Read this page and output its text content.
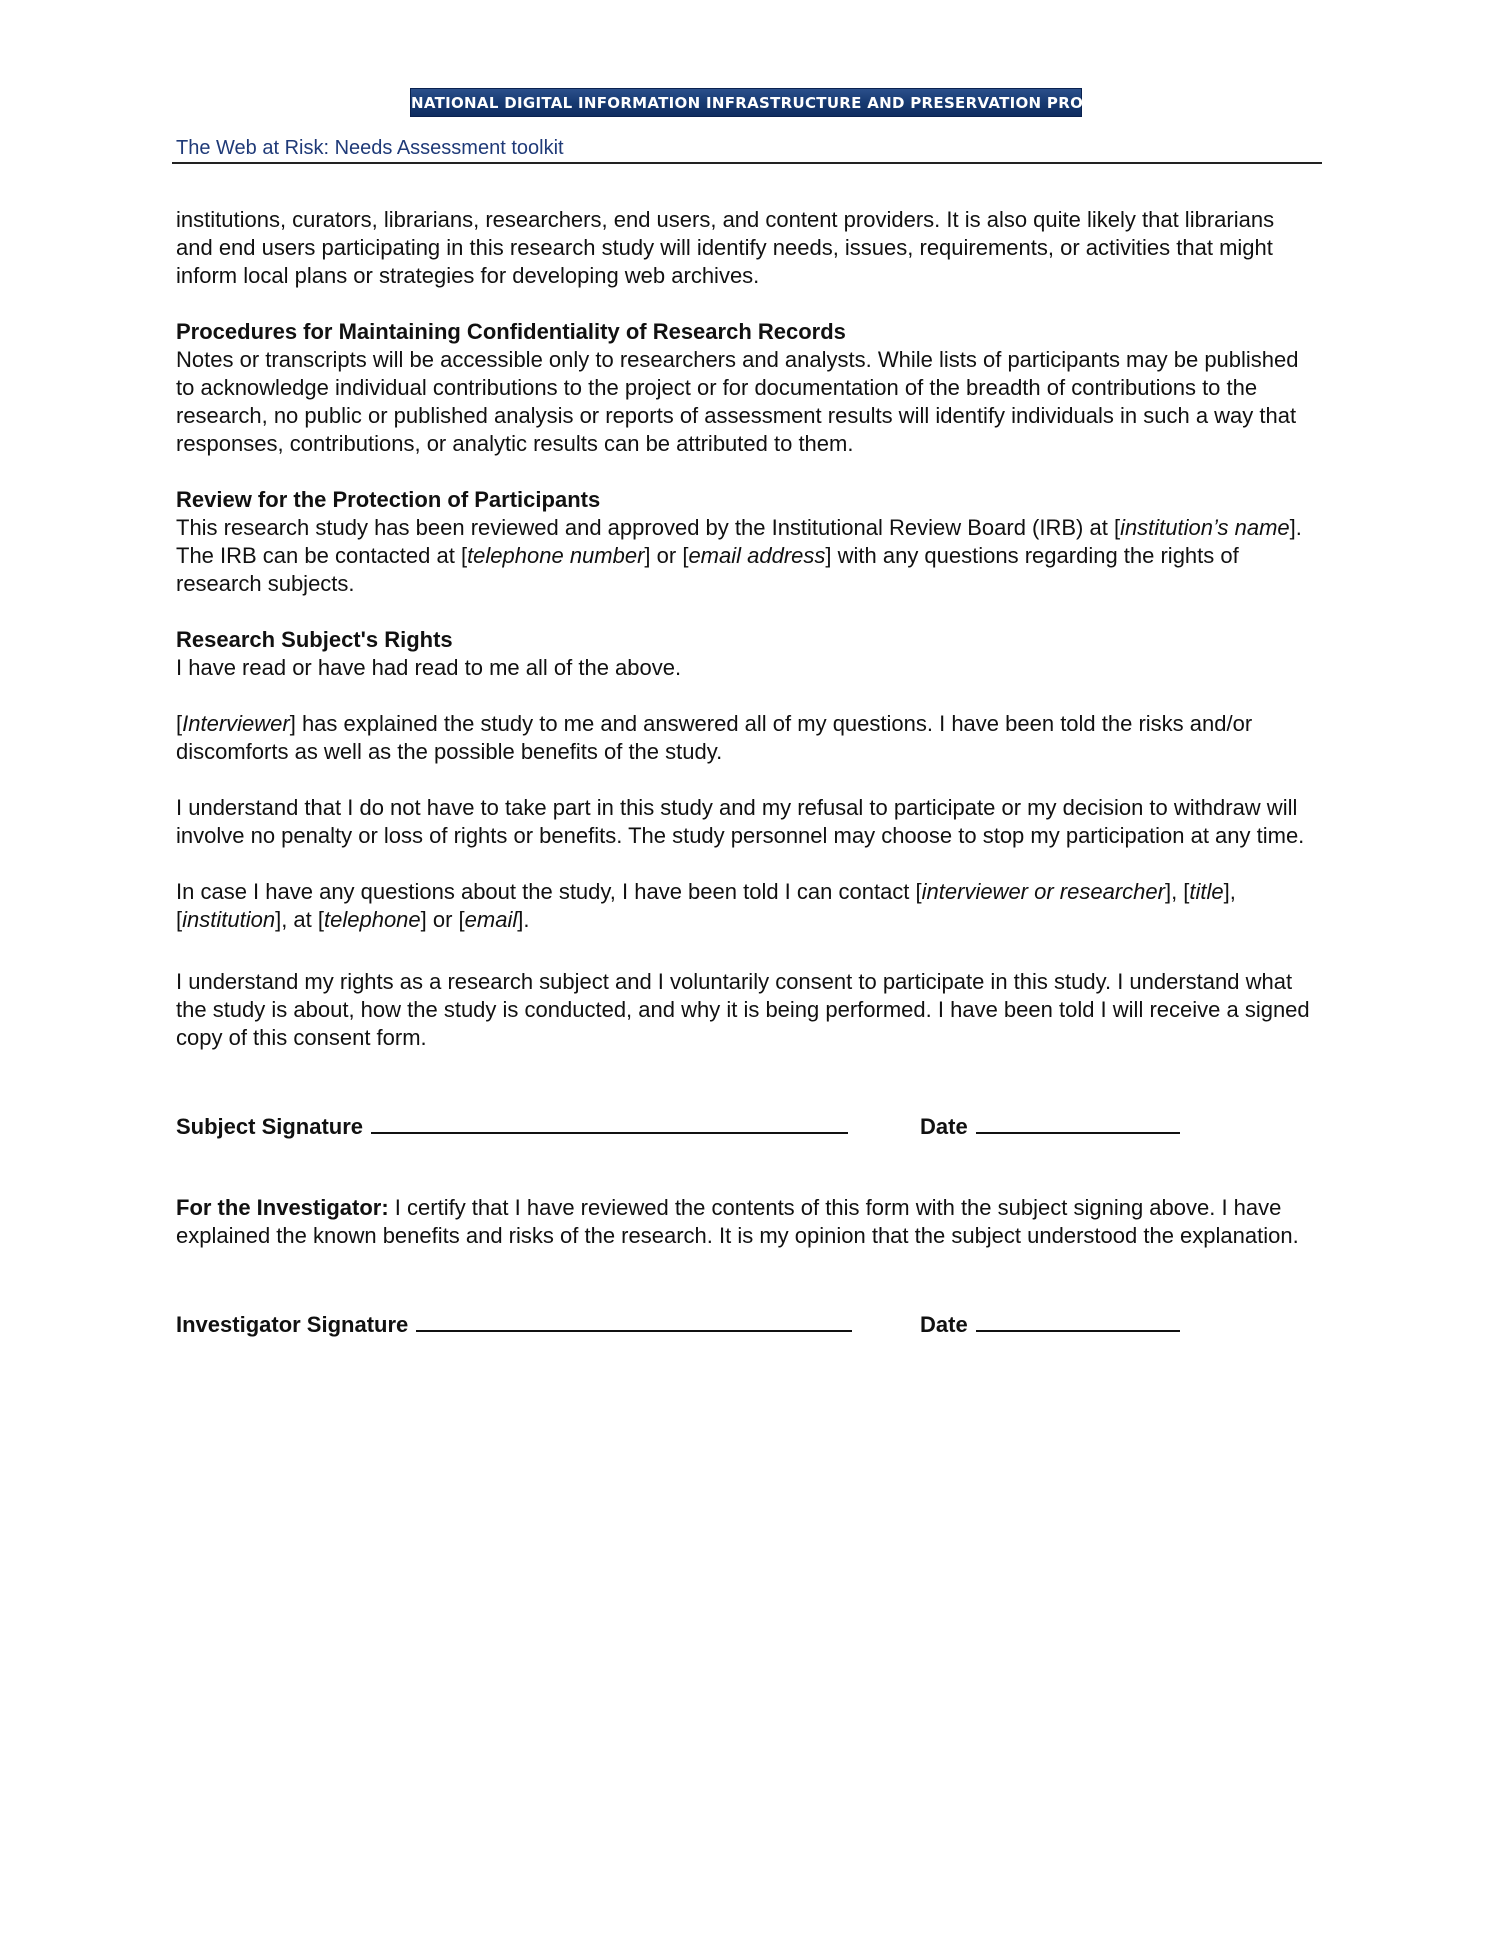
NATIONAL DIGITAL INFORMATION INFRASTRUCTURE AND PRESERVATION PROGRAM
The Web at Risk: Needs Assessment toolkit

institutions, curators, librarians, researchers, end users, and content providers. It is also quite likely that librarians and end users participating in this research study will identify needs, issues, requirements, or activities that might inform local plans or strategies for developing web archives.

Procedures for Maintaining Confidentiality of Research Records

Notes or transcripts will be accessible only to researchers and analysts. While lists of participants may be published to acknowledge individual contributions to the project or for documentation of the breadth of contributions to the research, no public or published analysis or reports of assessment results will identify individuals in such a way that responses, contributions, or analytic results can be attributed to them.

Review for the Protection of Participants

This research study has been reviewed and approved by the Institutional Review Board (IRB) at [institution’s name]. The IRB can be contacted at [telephone number] or [email address] with any questions regarding the rights of research subjects.

Research Subject's Rights

I have read or have had read to me all of the above.

[Interviewer] has explained the study to me and answered all of my questions. I have been told the risks and/or discomforts as well as the possible benefits of the study.

I understand that I do not have to take part in this study and my refusal to participate or my decision to withdraw will involve no penalty or loss of rights or benefits. The study personnel may choose to stop my participation at any time.

In case I have any questions about the study, I have been told I can contact [interviewer or researcher], [title], [institution], at [telephone] or [email].

I understand my rights as a research subject and I voluntarily consent to participate in this study. I understand what the study is about, how the study is conducted, and why it is being performed. I have been told I will receive a signed copy of this consent form.

Subject Signature	Date

For the Investigator: I certify that I have reviewed the contents of this form with the subject signing above. I have explained the known benefits and risks of the research. It is my opinion that the subject understood the explanation.

Investigator Signature	Date
